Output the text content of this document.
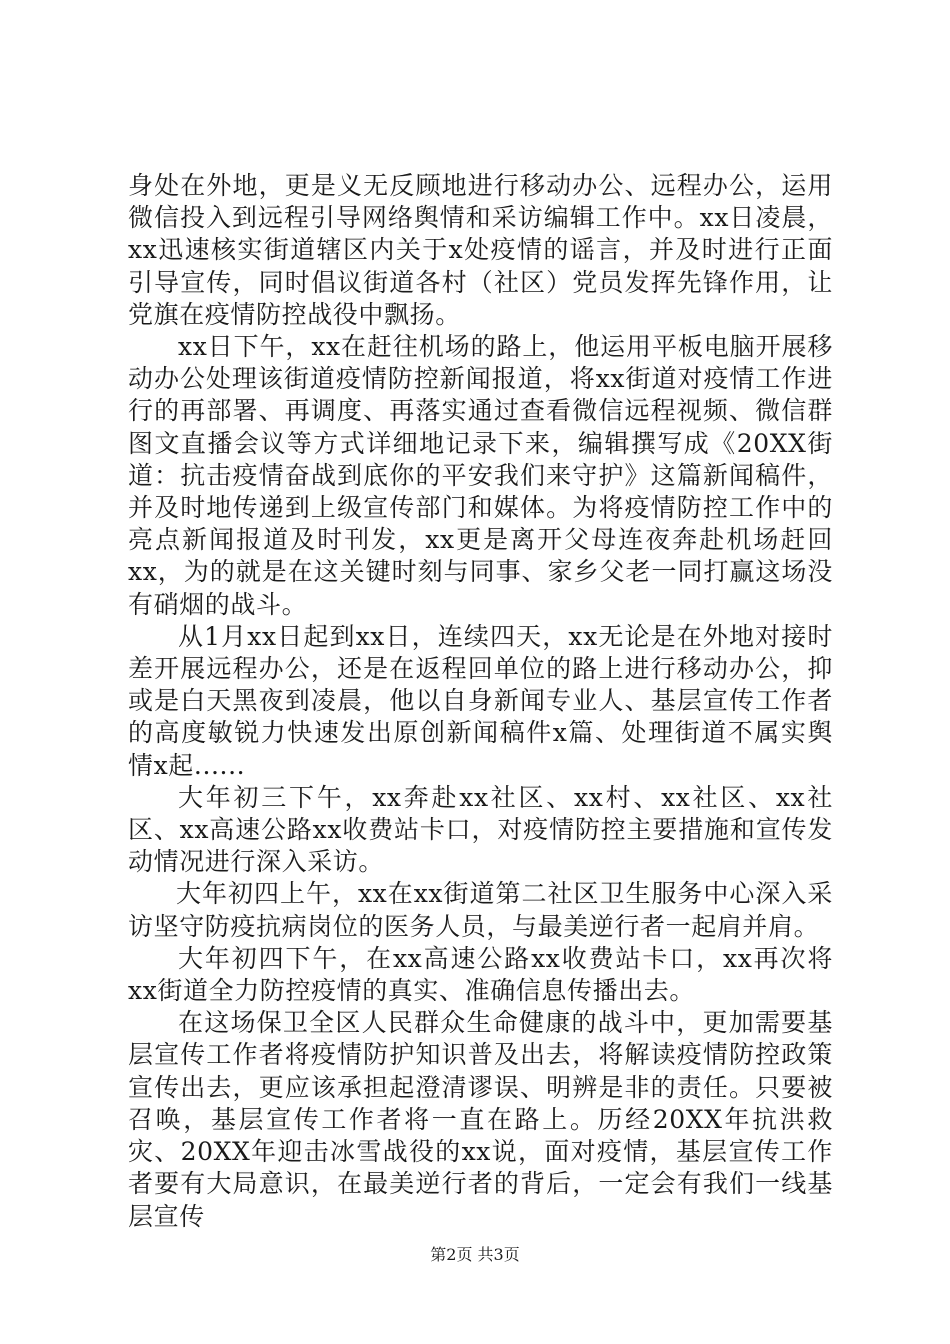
身处在外地，更是义无反顾地进行移动办公、远程办公，运用微信投入到远程引导网络舆情和采访编辑工作中。xx日凌晨，xx迅速核实街道辖区内关于x处疫情的谣言，并及时进行正面引导宣传，同时倡议街道各村（社区）党员发挥先锋作用，让党旗在疫情防控战役中飘扬。

xx日下午，xx在赶往机场的路上，他运用平板电脑开展移动办公处理该街道疫情防控新闻报道，将xx街道对疫情工作进行的再部署、再调度、再落实通过查看微信远程视频、微信群图文直播会议等方式详细地记录下来，编辑撰写成《20XX街道：抗击疫情奋战到底你的平安我们来守护》这篇新闻稿件，并及时地传递到上级宣传部门和媒体。为将疫情防控工作中的亮点新闻报道及时刊发，xx更是离开父母连夜奔赴机场赶回xx，为的就是在这关键时刻与同事、家乡父老一同打赢这场没有硝烟的战斗。

从1月xx日起到xx日，连续四天，xx无论是在外地对接时差开展远程办公，还是在返程回单位的路上进行移动办公，抑或是白天黑夜到凌晨，他以自身新闻专业人、基层宣传工作者的高度敏锐力快速发出原创新闻稿件x篇、处理街道不属实舆情x起......

大年初三下午，xx奔赴xx社区、xx村、xx社区、xx社区、xx高速公路xx收费站卡口，对疫情防控主要措施和宣传发动情况进行深入采访。

大年初四上午，xx在xx街道第二社区卫生服务中心深入采访坚守防疫抗病岗位的医务人员，与最美逆行者一起肩并肩。

大年初四下午，在xx高速公路xx收费站卡口，xx再次将xx街道全力防控疫情的真实、准确信息传播出去。

在这场保卫全区人民群众生命健康的战斗中，更加需要基层宣传工作者将疫情防护知识普及出去，将解读疫情防控政策宣传出去，更应该承担起澄清谬误、明辨是非的责任。只要被召唤，基层宣传工作者将一直在路上。历经20XX年抗洪救灾、20XX年迎击冰雪战役的xx说，面对疫情，基层宣传工作者要有大局意识，在最美逆行者的背后，一定会有我们一线基层宣传

第2页 共3页
